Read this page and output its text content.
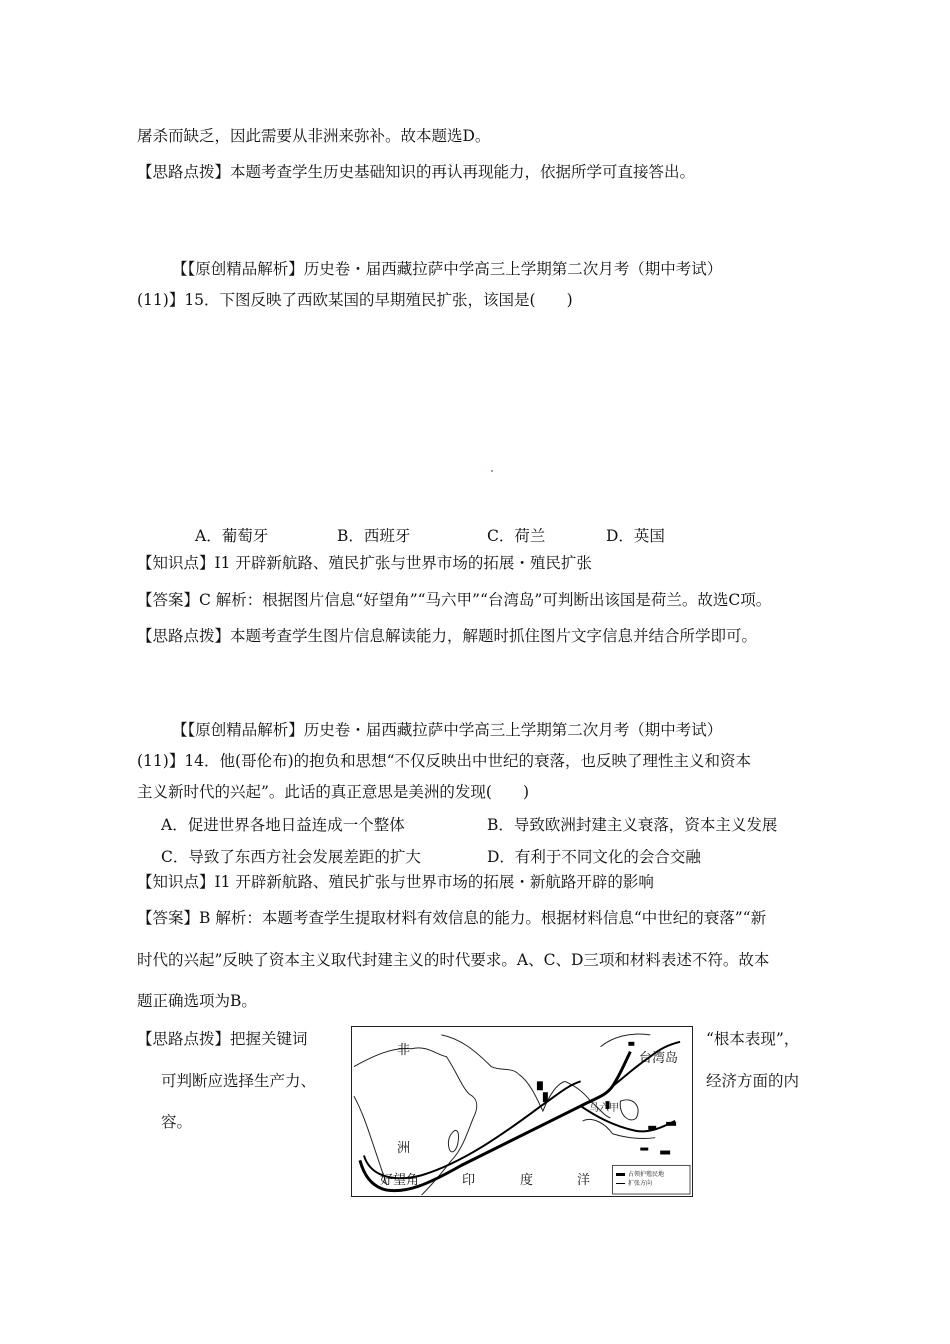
屠杀而缺乏，因此需要从非洲来弥补。故本题选D。
【思路点拨】本题考查学生历史基础知识的再认再现能力，依据所学可直接答出。
【【原创精品解析】历史卷・届西藏拉萨中学高三上学期第二次月考（期中考试）
(11)】15．下图反映了西欧某国的早期殖民扩张，该国是(　　)
A．葡萄牙	B．西班牙	C．荷兰	D．英国
【知识点】I1 开辟新航路、殖民扩张与世界市场的拓展・殖民扩张
【答案】C 解析：根据图片信息“好望角”“马六甲”“台湾岛”可判断出该国是荷兰。故选C项。
【思路点拨】本题考查学生图片信息解读能力，解题时抓住图片文字信息并结合所学即可。
【【原创精品解析】历史卷・届西藏拉萨中学高三上学期第二次月考（期中考试）
(11)】14．他(哥伦布)的抱负和思想“不仅反映出中世纪的衰落，也反映了理性主义和资本
主义新时代的兴起”。此话的真正意思是美洲的发现(　　)
A．促进世界各地日益连成一个整体	B．导致欧洲封建主义衰落，资本主义发展
C．导致了东西方社会发展差距的扩大	D．有利于不同文化的会合交融
【知识点】I1 开辟新航路、殖民扩张与世界市场的拓展・新航路开辟的影响
【答案】B 解析：本题考查学生提取材料有效信息的能力。根据材料信息“中世纪的衰落”“新
时代的兴起”反映了资本主义取代封建主义的时代要求。A、C、D三项和材料表述不符。故本
题正确选项为B。
【思路点拨】把握关键词
可判断应选择生产力、
容。
“根本表现”，
经济方面的内
非
洲
台湾岛
马六甲
好望角	印	度	洋	占领护殖民地
扩张方向
